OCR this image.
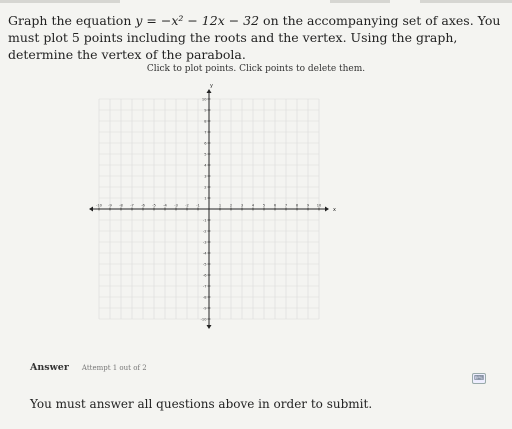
Graph the equation y = −x² − 12x − 32 on the accompanying set of axes. You must plot 5 points including the roots and the vertex. Using the graph, determine the vertex of the parabola.
Click to plot points. Click points to delete them.
x
y
-10 -9 -8 -7 -6 -5 -4 -3 -2 -1	1 2 3 4 5 6 7 8 9 10
-10
-9
-8
-7
-6
-5
-4
-3
-2
-1
1
2
3
4
5
6
7
8
9
10
Answer Attempt 1 out of 2
⌨
You must answer all questions above in order to submit.
